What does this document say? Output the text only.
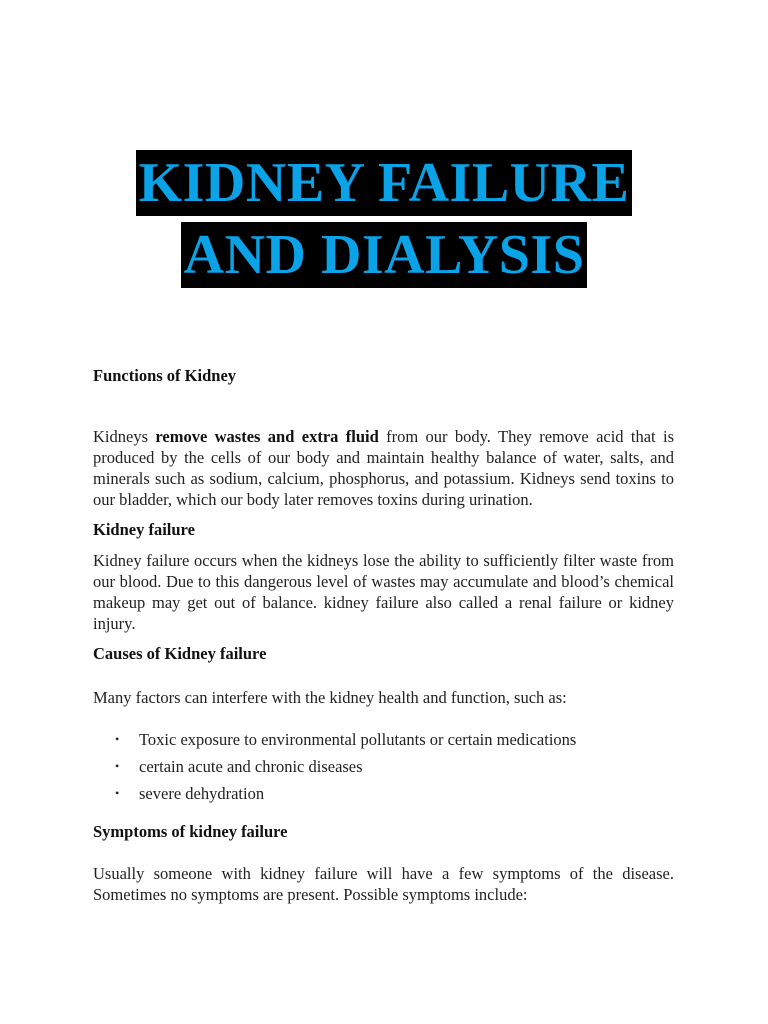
KIDNEY FAILURE
AND DIALYSIS

Functions of Kidney

Kidneys remove wastes and extra fluid from our body. They remove acid that is produced by the cells of our body and maintain healthy balance of water, salts, and minerals such as sodium, calcium, phosphorus, and potassium. Kidneys send toxins to our bladder, which our body later removes toxins during urination.

Kidney failure

Kidney failure occurs when the kidneys lose the ability to sufficiently filter waste from our blood. Due to this dangerous level of wastes may accumulate and blood’s chemical makeup may get out of balance. kidney failure also called a renal failure or kidney injury.

Causes of Kidney failure

Many factors can interfere with the kidney health and function, such as:

• Toxic exposure to environmental pollutants or certain medications
• certain acute and chronic diseases
• severe dehydration

Symptoms of kidney failure

Usually someone with kidney failure will have a few symptoms of the disease. Sometimes no symptoms are present. Possible symptoms include:
